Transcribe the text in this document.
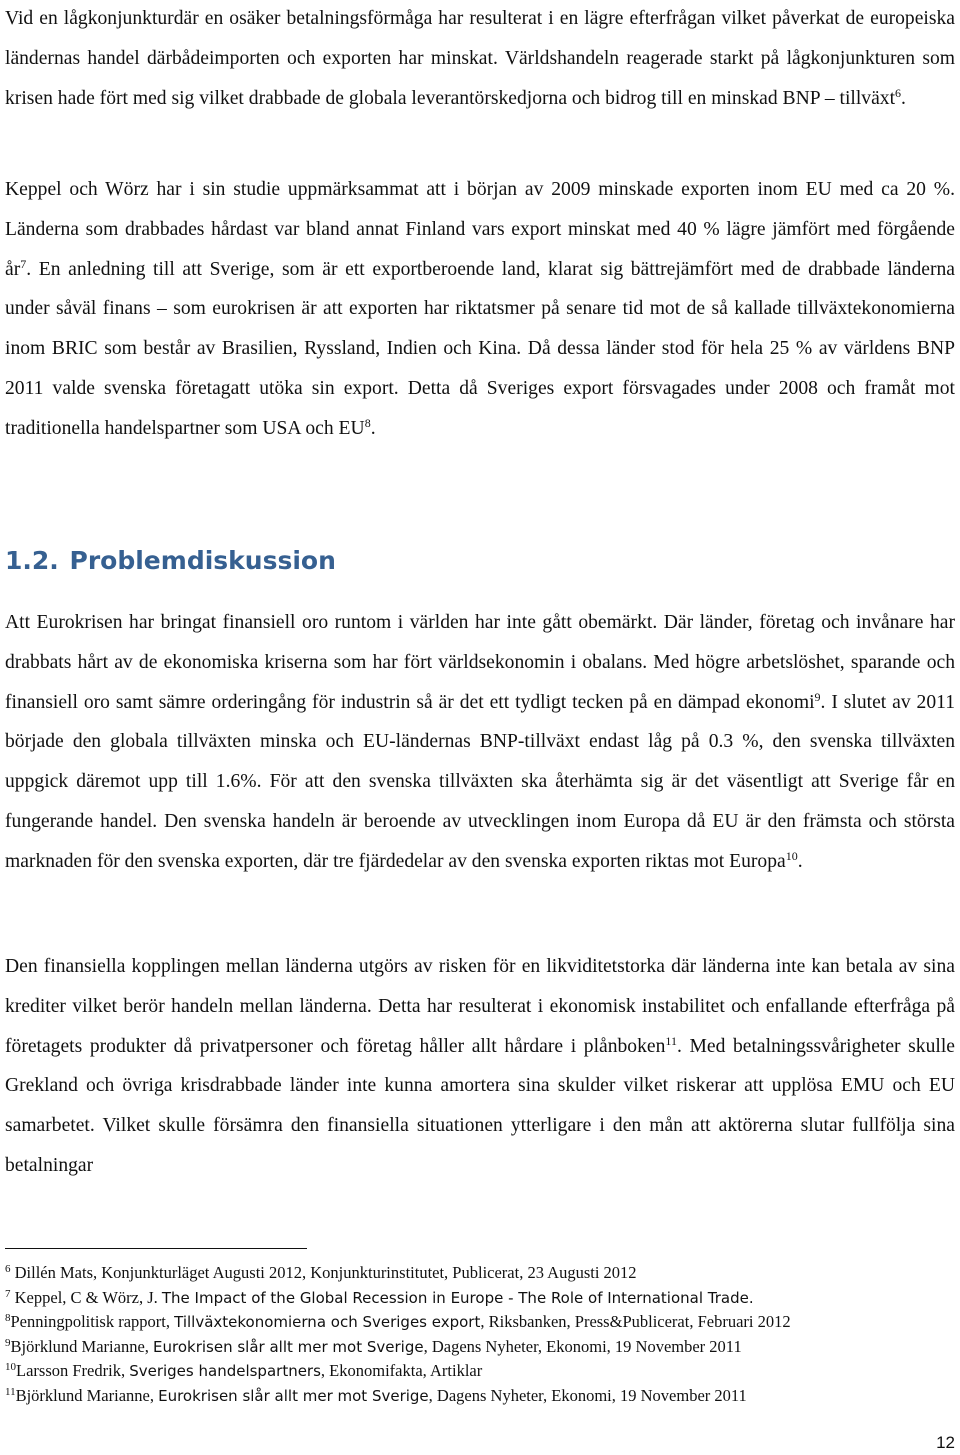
Vid en lågkonjunkturdär en osäker betalningsförmåga har resulterat i en lägre efterfrågan vilket påverkat de europeiska ländernas handel därbådeimporten och exporten har minskat. Världshandeln reagerade starkt på lågkonjunkturen som krisen hade fört med sig vilket drabbade de globala leverantörskedjorna och bidrog till en minskad BNP – tillväxt$^6$.

Keppel och Wörz har i sin studie uppmärksammat att i början av 2009 minskade exporten inom EU med ca 20 %. Länderna som drabbades hårdast var bland annat Finland vars export minskat med 40 % lägre jämfört med förgående $år^7$. En anledning till att Sverige, som är ett exportberoende land, klarat sig bättrejämfört med de drabbade länderna under såväl finans – som eurokrisen är att exporten har riktatsmer på senare tid mot de så kallade tillväxtekonomierna inom BRIC som består av Brasilien, Ryssland, Indien och Kina. Då dessa länder stod för hela 25 % av världens BNP 2011 valde svenska företagatt utöka sin export. Detta då Sveriges export försvagades under 2008 och framåt mot traditionella handelspartner som USA och $EU^8$.

1.2. Problemdiskussion

Att Eurokrisen har bringat finansiell oro runtom i världen har inte gått obemärkt. Där länder, företag och invånare har drabbats hårt av de ekonomiska kriserna som har fört världsekonomin i obalans. Med högre arbetslöshet, sparande och finansiell oro samt sämre orderingång för industrin så är det ett tydligt tecken på en dämpad ekonomi$^9$. I slutet av 2011 började den globala tillväxten minska och EU-ländernas BNP-tillväxt endast låg på 0.3 %, den svenska tillväxten uppgick däremot upp till 1.6%. För att den svenska tillväxten ska återhämta sig är det väsentligt att Sverige får en fungerande handel. Den svenska handeln är beroende av utvecklingen inom Europa då EU är den främsta och största marknaden för den svenska exporten, där tre fjärdedelar av den svenska exporten riktas mot Europa$^{10}$.

Den finansiella kopplingen mellan länderna utgörs av risken för en likviditetstorka där länderna inte kan betala av sina krediter vilket berör handeln mellan länderna. Detta har resulterat i ekonomisk instabilitet och enfallande efterfråga på företagets produkter då privatpersoner och företag håller allt hårdare i plånboken$^{11}$. Med betalningssvårigheter skulle Grekland och övriga krisdrabbade länder inte kunna amortera sina skulder vilket riskerar att upplösa EMU och EU samarbetet. Vilket skulle försämra den finansiella situationen ytterligare i den mån att aktörerna slutar fullfölja sina betalningar

$^6$ Dillén Mats, Konjunkturläget Augusti 2012, Konjunkturinstitutet, Publicerat, 23 Augusti 2012

$^7$ Keppel, C & Wörz, J. The Impact of the Global Recession in Europe - The Role of International Trade.

$^8$Penningpolitisk rapport, Tillväxtekonomierna och Sveriges export, Riksbanken, Press&Publicerat, Februari 2012

$^9$Björklund Marianne, Eurokrisen slår allt mer mot Sverige, Dagens Nyheter, Ekonomi, 19 November 2011

$^{10}$Larsson Fredrik, Sveriges handelspartners, Ekonomifakta, Artiklar

$^{11}$Björklund Marianne, Eurokrisen slår allt mer mot Sverige, Dagens Nyheter, Ekonomi, 19 November 2011

12
